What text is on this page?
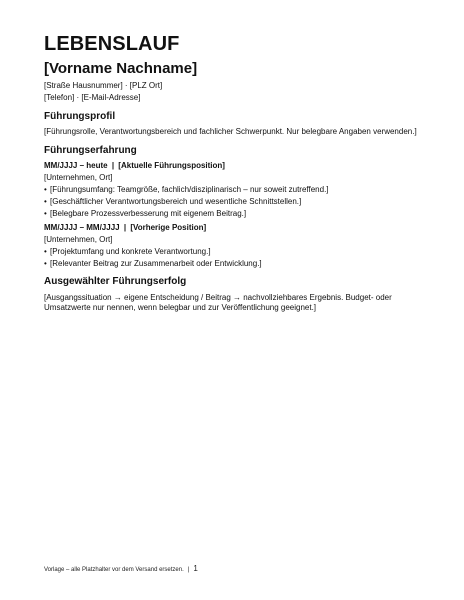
LEBENSLAUF
[Vorname Nachname]
[Straße Hausnummer] · [PLZ Ort]
[Telefon] · [E-Mail-Adresse]
Führungsprofil
[Führungsrolle, Verantwortungsbereich und fachlicher Schwerpunkt. Nur belegbare Angaben verwenden.]
Führungserfahrung
MM/JJJJ – heute | [Aktuelle Führungsposition]
[Unternehmen, Ort]
• [Führungsumfang: Teamgröße, fachlich/disziplinarisch – nur soweit zutreffend.]
• [Geschäftlicher Verantwortungsbereich und wesentliche Schnittstellen.]
• [Belegbare Prozessverbesserung mit eigenem Beitrag.]
MM/JJJJ – MM/JJJJ | [Vorherige Position]
[Unternehmen, Ort]
• [Projektumfang und konkrete Verantwortung.]
• [Relevanter Beitrag zur Zusammenarbeit oder Entwicklung.]
Ausgewählter Führungserfolg
[Ausgangssituation → eigene Entscheidung / Beitrag → nachvollziehbares Ergebnis. Budget- oder
Umsatzwerte nur nennen, wenn belegbar und zur Veröffentlichung geeignet.]
Vorlage – alle Platzhalter vor dem Versand ersetzen. | 1
